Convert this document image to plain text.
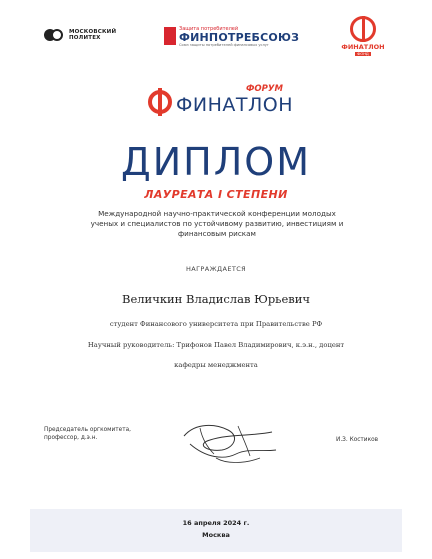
МОСКОВСКИЙ
ПОЛИТЕХ
Защита потребителей
ФИНПОТРЕБСОЮЗ
Союз защиты потребителей финансовых услуг	ФИНАТЛОН
ФОНД
ФОРУМ
ФИНАТЛОН
ДИПЛОМ
ЛАУРЕАТА I СТЕПЕНИ
Международной научно-практической конференции молодых ученых и специалистов по устойчивому развитию, инвестициям и финансовым рискам
НАГРАЖДАЕТСЯ
Величкин Владислав Юрьевич
студент Финансового университета при Правительстве РФ
Научный руководитель: Трифонов Павел Владимирович, к.э.н., доцент
кафедры менеджмента
Председатель оргкомитета,
профессор, д.э.н.	И.З. Костиков
16 апреля 2024 г.
Москва
